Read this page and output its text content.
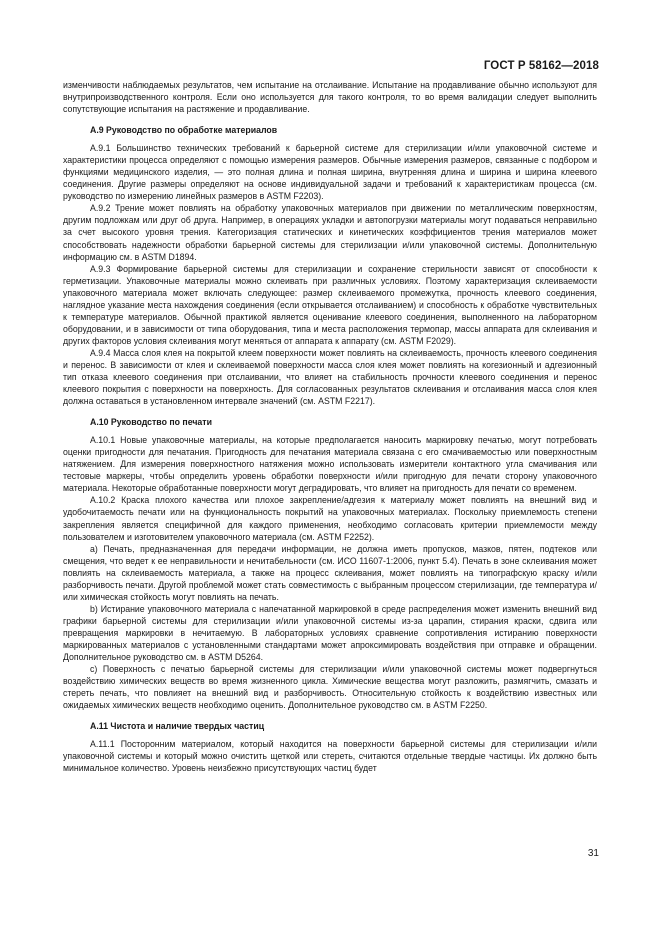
ГОСТ Р 58162—2018

изменчивости наблюдаемых результатов, чем испытание на отслаивание. Испытание на продавливание обычно используют для внутрипроизводственного контроля. Если оно используется для такого контроля, то во время валидации следует выполнить сопутствующие испытания на растяжение и продавливание.

А.9 Руководство по обработке материалов

А.9.1 Большинство технических требований к барьерной системе для стерилизации и/или упаковочной системе и характеристики процесса определяют с помощью измерения размеров. Обычные измерения размеров, связанные с подбором и функциями медицинского изделия, — это полная длина и полная ширина, внутренняя длина и ширина и ширина клеевого соединения. Другие размеры определяют на основе индивидуальной задачи и требований к характеристикам процесса (см. руководство по измерению линейных размеров в ASTM F2203).

А.9.2 Трение может повлиять на обработку упаковочных материалов при движении по металлическим поверхностям, другим подложкам или друг об друга. Например, в операциях укладки и автопогрузки материалы могут подаваться неправильно за счет высокого уровня трения. Категоризация статических и кинетических коэффициентов трения материалов может способствовать надежности обработки барьерной системы для стерилизации и/или упаковочной системы. Дополнительную информацию см. в ASTM D1894.

А.9.3 Формирование барьерной системы для стерилизации и сохранение стерильности зависят от способности к герметизации. Упаковочные материалы можно склеивать при различных условиях. Поэтому характеризация склеиваемости упаковочного материала может включать следующее: размер склеиваемого промежутка, прочность клеевого соединения, наглядное указание места нахождения соединения (если открывается отслаиванием) и способность к обработке чувствительных к температуре материалов. Обычной практикой является оценивание клеевого соединения, выполненного на лабораторном оборудовании, и в зависимости от типа оборудования, типа и места расположения термопар, массы аппарата для склеивания и других факторов условия склеивания могут меняться от аппарата к аппарату (см. ASTM F2029).

А.9.4 Масса слоя клея на покрытой клеем поверхности может повлиять на склеиваемость, прочность клеевого соединения и перенос. В зависимости от клея и склеиваемой поверхности масса слоя клея может повлиять на когезионный и адгезионный тип отказа клеевого соединения при отслаивании, что влияет на стабильность прочности клеевого соединения и перенос клеевого покрытия с поверхности на поверхность. Для согласованных результатов склеивания и отслаивания масса слоя клея должна оставаться в установленном интервале значений (см. ASTM F2217).

А.10 Руководство по печати

А.10.1 Новые упаковочные материалы, на которые предполагается наносить маркировку печатью, могут потребовать оценки пригодности для печатания. Пригодность для печатания материала связана с его смачиваемостью или поверхностным натяжением. Для измерения поверхностного натяжения можно использовать измерители контактного угла смачивания или тестовые маркеры, чтобы определить уровень обработки поверхности и/или пригодную для печати сторону упаковочного материала. Некоторые обработанные поверхности могут деградировать, что влияет на пригодность для печати со временем.

А.10.2 Краска плохого качества или плохое закрепление/адгезия к материалу может повлиять на внешний вид и удобочитаемость печати или на функциональность покрытий на упаковочных материалах. Поскольку приемлемость степени закрепления является специфичной для каждого применения, необходимо согласовать критерии приемлемости между пользователем и изготовителем упаковочного материала (см. ASTM F2252).

a) Печать, предназначенная для передачи информации, не должна иметь пропусков, мазков, пятен, подтеков или смещения, что ведет к ее неправильности и нечитабельности (см. ИСО 11607-1:2006, пункт 5.4). Печать в зоне склеивания может повлиять на склеиваемость материала, а также на процесс склеивания, может повлиять на типографскую краску и/или разборчивость печати. Другой проблемой может стать совместимость с выбранным процессом стерилизации, где температура и/или химическая стойкость могут повлиять на печать.

b) Истирание упаковочного материала с напечатанной маркировкой в среде распределения может изменить внешний вид графики барьерной системы для стерилизации и/или упаковочной системы из-за царапин, стирания краски, сдвига или превращения маркировки в нечитаемую. В лабораторных условиях сравнение сопротивления истиранию поверхности маркированных материалов с установленными стандартами может апроксимировать воздействия при отправке и обращении. Дополнительное руководство см. в ASTM D5264.

c) Поверхность с печатью барьерной системы для стерилизации и/или упаковочной системы может подвергнуться воздействию химических веществ во время жизненного цикла. Химические вещества могут разложить, размягчить, смазать и стереть печать, что повлияет на внешний вид и разборчивость. Относительную стойкость к воздействию известных или ожидаемых химических веществ необходимо оценить. Дополнительное руководство см. в ASTM F2250.

А.11 Чистота и наличие твердых частиц

А.11.1 Посторонним материалом, который находится на поверхности барьерной системы для стерилизации и/или упаковочной системы и который можно очистить щеткой или стереть, считаются отдельные твердые частицы. Их должно быть минимальное количество. Уровень неизбежно присутствующих частиц будет

31
